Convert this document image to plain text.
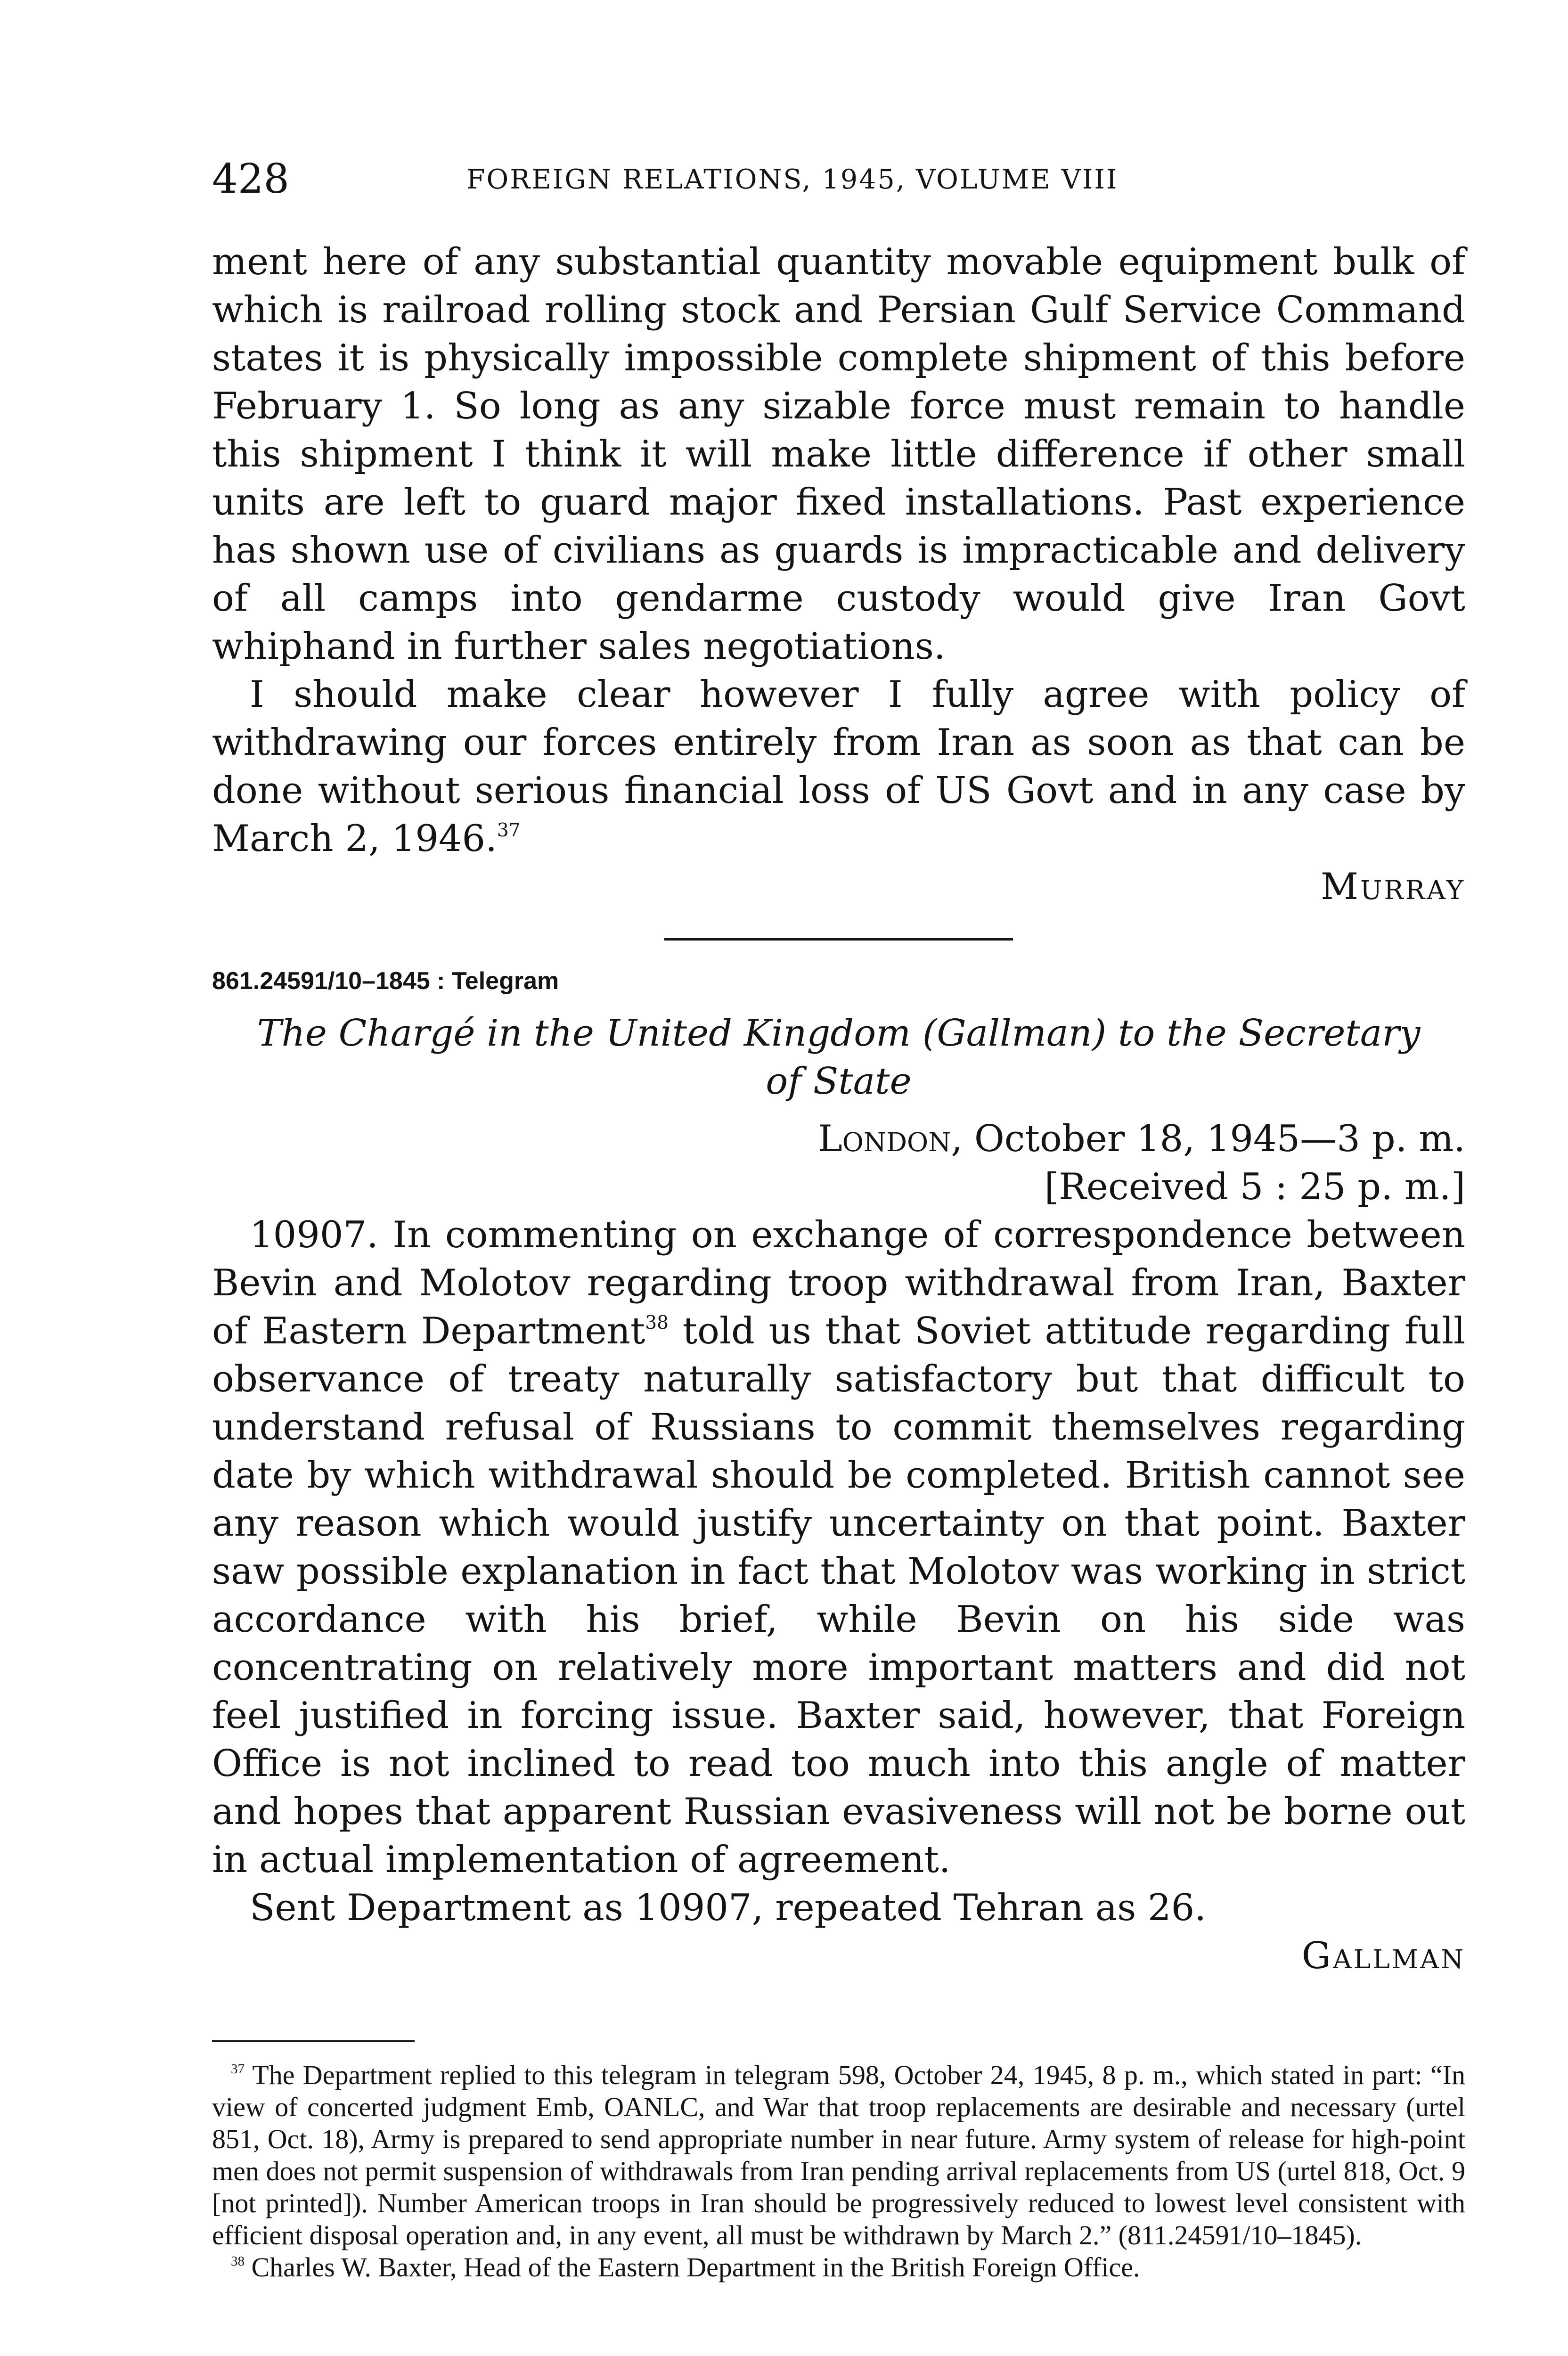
428	FOREIGN RELATIONS, 1945, VOLUME VIII

ment here of any substantial quantity movable equipment bulk of which is railroad rolling stock and Persian Gulf Service Command states it is physically impossible complete shipment of this before February 1. So long as any sizable force must remain to handle this shipment I think it will make little difference if other small units are left to guard major fixed installations. Past experience has shown use of civilians as guards is impracticable and delivery of all camps into gendarme custody would give Iran Govt whiphand in further sales negotiations.

I should make clear however I fully agree with policy of withdrawing our forces entirely from Iran as soon as that can be done without serious financial loss of US Govt and in any case by March 2, 1946.37

Murray

861.24591/10–1845 : Telegram
The Chargé in the United Kingdom (Gallman) to the Secretary
of State
London, October 18, 1945—3 p. m.
[Received 5 : 25 p. m.]

10907. In commenting on exchange of correspondence between Bevin and Molotov regarding troop withdrawal from Iran, Baxter of Eastern Department$^{38}$ told us that Soviet attitude regarding full observance of treaty naturally satisfactory but that difficult to understand refusal of Russians to commit themselves regarding date by which withdrawal should be completed. British cannot see any reason which would justify uncertainty on that point. Baxter saw possible explanation in fact that Molotov was working in strict accordance with his brief, while Bevin on his side was concentrating on relatively more important matters and did not feel justified in forcing issue. Baxter said, however, that Foreign Office is not inclined to read too much into this angle of matter and hopes that apparent Russian evasiveness will not be borne out in actual implementation of agreement.

Sent Department as 10907, repeated Tehran as 26.

Gallman

$^{37}$ The Department replied to this telegram in telegram 598, October 24, 1945, 8 p. m., which stated in part: “In view of concerted judgment Emb, OANLC, and War that troop replacements are desirable and necessary (urtel 851, Oct. 18), Army is prepared to send appropriate number in near future. Army system of release for high-point men does not permit suspension of withdrawals from Iran pending arrival replacements from US (urtel 818, Oct. 9 [not printed]). Number American troops in Iran should be progressively reduced to lowest level consistent with efficient disposal operation and, in any event, all must be withdrawn by March 2.” (811.24591/10–1845).

$^{38}$ Charles W. Baxter, Head of the Eastern Department in the British Foreign Office.
